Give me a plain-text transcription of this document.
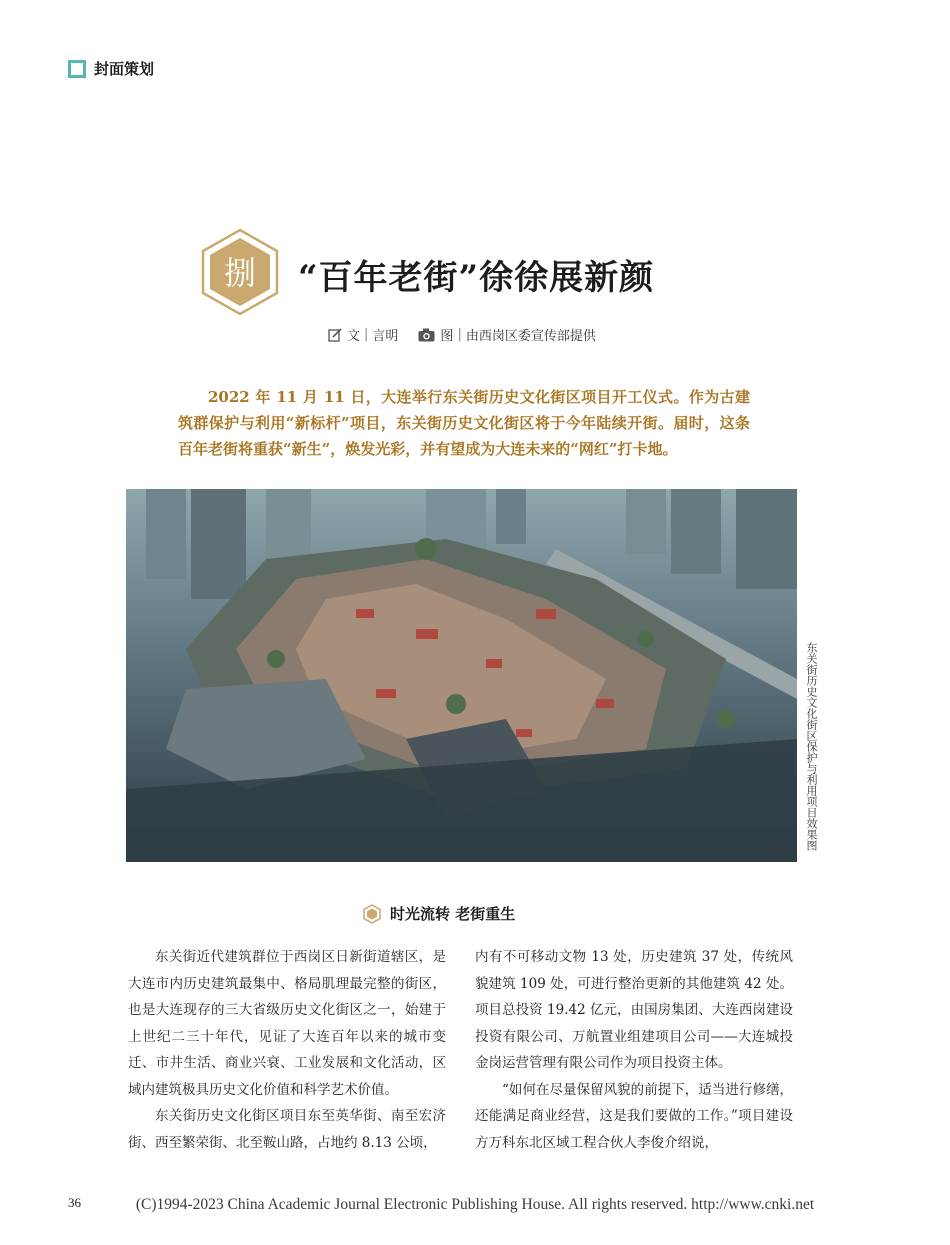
封面策划
捌 “百年老街”徐徐展新颜
文 | 言明	图 | 由西岗区委宣传部提供

2022 年 11 月 11 日，大连举行东关街历史文化街区项目开工仪式。作为古建筑群保护与利用“新标杆”项目，东关街历史文化街区将于今年陆续开街。届时，这条百年老街将重获“新生”，焕发光彩，并有望成为大连未来的“网红”打卡地。

东关街历史文化街区保护与利用项目效果图
时光流转 老街重生

东关街近代建筑群位于西岗区日新街道辖区，是大连市内历史建筑最集中、格局肌理最完整的街区，也是大连现存的三大省级历史文化街区之一，始建于上世纪二三十年代，见证了大连百年以来的城市变迁、市井生活、商业兴衰、工业发展和文化活动，区域内建筑极具历史文化价值和科学艺术价值。

东关街历史文化街区项目东至英华街、南至宏济街、西至繁荣街、北至鞍山路，占地约 8.13 公顷，

内有不可移动文物 13 处，历史建筑 37 处，传统风貌建筑 109 处，可进行整治更新的其他建筑 42 处。项目总投资 19.42 亿元，由国房集团、大连西岗建设投资有限公司、万航置业组建项目公司——大连城投金岗运营管理有限公司作为项目投资主体。

“如何在尽量保留风貌的前提下，适当进行修缮，还能满足商业经营，这是我们要做的工作。”项目建设方万科东北区域工程合伙人李俊介绍说，

(C)1994-2023 China Academic Journal Electronic Publishing House. All rights reserved. http://www.cnki.net
36
